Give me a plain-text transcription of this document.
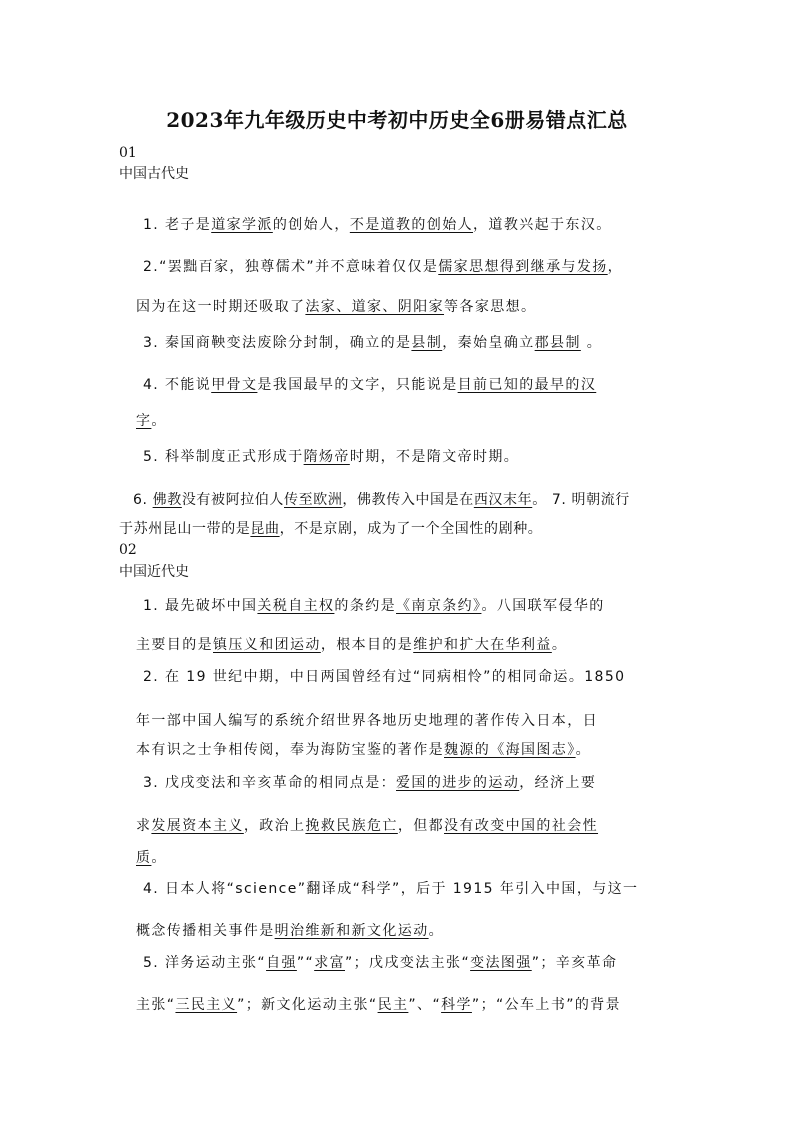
2023年九年级历史中考初中历史全6册易错点汇总
01
中国古代史
1. 老子是道家学派的创始人，不是道教的创始人，道教兴起于东汉。
2.“罢黜百家，独尊儒术”并不意味着仅仅是儒家思想得到继承与发扬，
因为在这一时期还吸取了法家、道家、阴阳家等各家思想。
3. 秦国商鞅变法废除分封制，确立的是县制，秦始皇确立郡县制 。
4. 不能说甲骨文是我国最早的文字，只能说是目前已知的最早的汉
字。
5. 科举制度正式形成于隋炀帝时期，不是隋文帝时期。
6. 佛教没有被阿拉伯人传至欧洲，佛教传入中国是在西汉末年。 7. 明朝流行
于苏州昆山一带的是昆曲，不是京剧，成为了一个全国性的剧种。
02
中国近代史
1. 最先破坏中国关税自主权的条约是《南京条约》。八国联军侵华的
主要目的是镇压义和团运动，根本目的是维护和扩大在华利益。
2. 在 19 世纪中期，中日两国曾经有过“同病相怜”的相同命运。1850
年一部中国人编写的系统介绍世界各地历史地理的著作传入日本，日
本有识之士争相传阅，奉为海防宝鉴的著作是魏源的《海国图志》。
3. 戊戌变法和辛亥革命的相同点是：爱国的进步的运动，经济上要
求发展资本主义，政治上挽救民族危亡，但都没有改变中国的社会性
质。
4. 日本人将“science”翻译成“科学”，后于 1915 年引入中国，与这一
概念传播相关事件是明治维新和新文化运动。
5. 洋务运动主张“自强”“求富”；戊戌变法主张“变法图强”；辛亥革命
主张“三民主义”；新文化运动主张“民主”、“科学”；“公车上书”的背景
